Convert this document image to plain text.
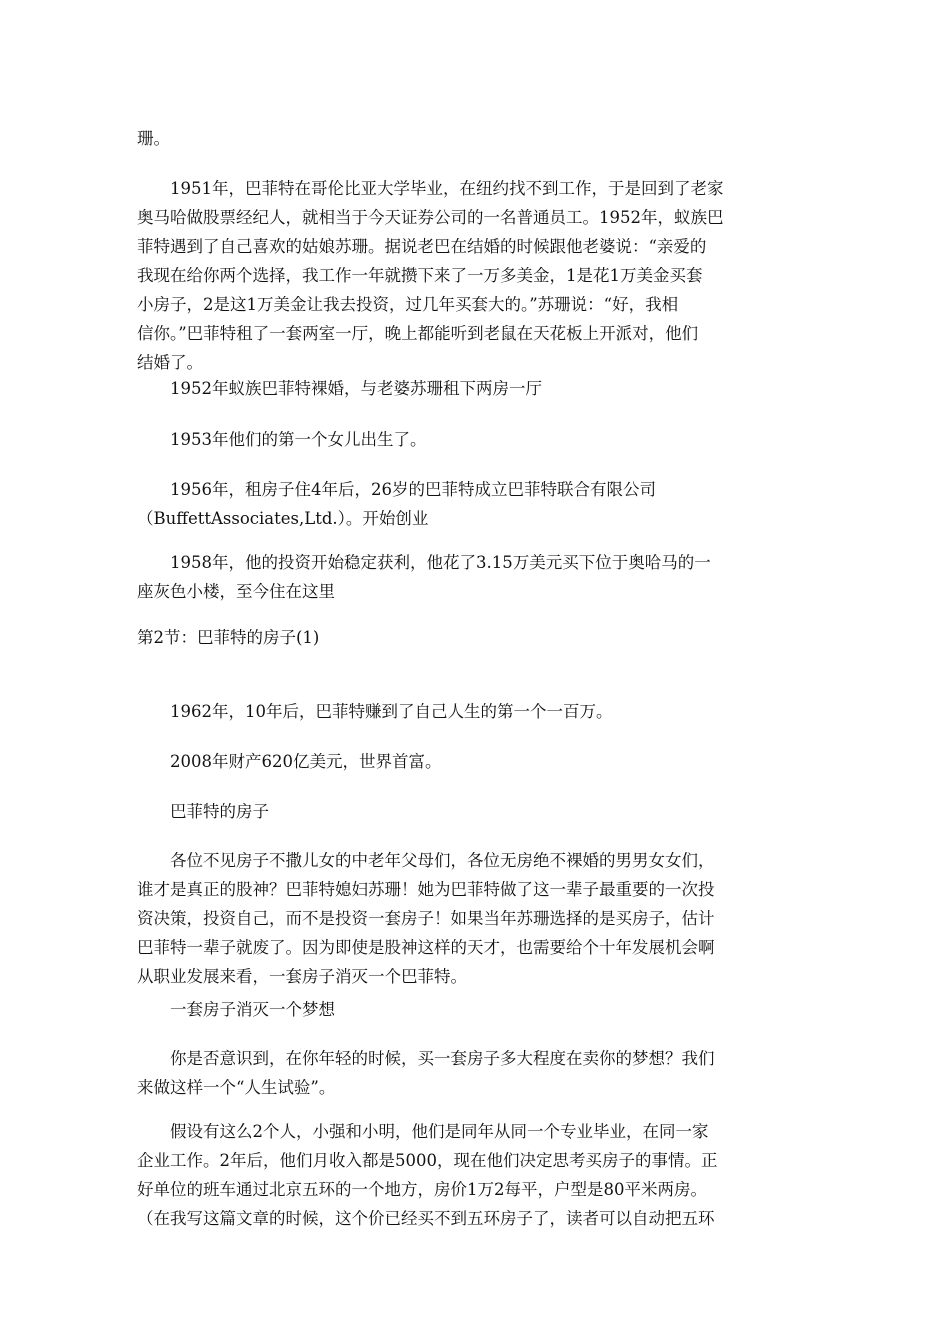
珊。

1951年，巴菲特在哥伦比亚大学毕业，在纽约找不到工作，于是回到了老家
奥马哈做股票经纪人，就相当于今天证券公司的一名普通员工。1952年，蚁族巴
菲特遇到了自己喜欢的姑娘苏珊。据说老巴在结婚的时候跟他老婆说：“亲爱的
我现在给你两个选择，我工作一年就攒下来了一万多美金，1是花1万美金买套
小房子，2是这1万美金让我去投资，过几年买套大的。”苏珊说：“好，我相
信你。”巴菲特租了一套两室一厅，晚上都能听到老鼠在天花板上开派对，他们
结婚了。

1952年蚁族巴菲特裸婚，与老婆苏珊租下两房一厅

1953年他们的第一个女儿出生了。

1956年，租房子住4年后，26岁的巴菲特成立巴菲特联合有限公司
（BuffettAssociates,Ltd.）。开始创业

1958年，他的投资开始稳定获利，他花了3.15万美元买下位于奥哈马的一
座灰色小楼，至今住在这里

第2节：巴菲特的房子(1)

1962年，10年后，巴菲特赚到了自己人生的第一个一百万。

2008年财产620亿美元，世界首富。

巴菲特的房子

各位不见房子不撒儿女的中老年父母们，各位无房绝不裸婚的男男女女们，
谁才是真正的股神？巴菲特媳妇苏珊！她为巴菲特做了这一辈子最重要的一次投
资决策，投资自己，而不是投资一套房子！如果当年苏珊选择的是买房子，估计
巴菲特一辈子就废了。因为即使是股神这样的天才，也需要给个十年发展机会啊
从职业发展来看，一套房子消灭一个巴菲特。

一套房子消灭一个梦想

你是否意识到，在你年轻的时候，买一套房子多大程度在卖你的梦想？我们
来做这样一个“人生试验”。

假设有这么2个人，小强和小明，他们是同年从同一个专业毕业，在同一家
企业工作。2年后，他们月收入都是5000，现在他们决定思考买房子的事情。正
好单位的班车通过北京五环的一个地方，房价1万2每平，户型是80平米两房。
（在我写这篇文章的时候，这个价已经买不到五环房子了，读者可以自动把五环
